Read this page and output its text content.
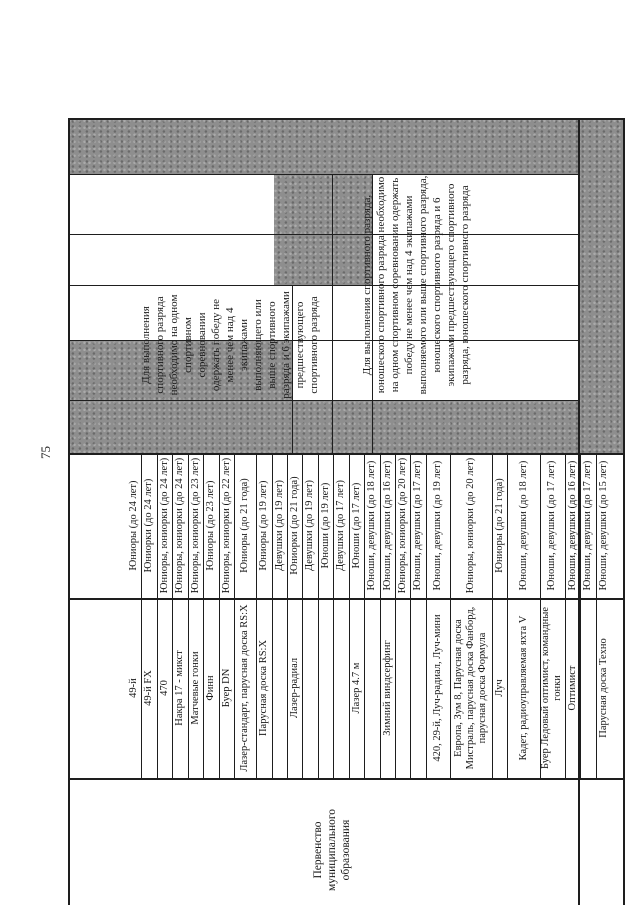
75
Для выполнения спортивного разряда необходимо на одном спортивном соревновании одержать победу не менее чем над 4 экипажами выполняющего или выше спортивного разряда и 6 экипажами предшествующего спортивного разряда	Для выполнения спортивного разряда, юношеского спортивного разряда необходимо на одном спортивном соревновании одержать победу не менее чем над 4 экипажами выполняемого или выше спортивного разряда, юношеского спортивного разряда и 6 экипажами предшествующего спортивного разряда, юношеского спортивного разряда
Первенство муниципального образования
Юниоры (до 24 лет)
49-й
Юниорки (до 24 лет)
49-й FX
Юниоры, юниорки (до 24 лет)
470
Юниоры, юниорки (до 24 лет)
Накра 17 - микст
Юниоры, юниорки (до 23 лет)
Матчевые гонки
Юниоры (до 23 лет)
Финн
Юниоры, юниорки (до 22 лет)
Буер DN
Юниоры (до 21 года)
Лазер-стандарт, парусная доска RS:X
Юниоры (до 19 лет)
Парусная доска RS:X
Девушки (до 19 лет) Юниорки (до 21 года)
Лазер-радиал
Девушки (до 19 лет) Юноши (до 19 лет) Девушки (до 17 лет) Юноши (до 17 лет)
Лазер 4.7 м
Юноши, девушки (до 18 лет) Юноши, девушки (до 16 лет)
Зимний виндсерфинг
Юниоры, юниорки (до 20 лет) Юноши, девушки (до 17 лет) Юноши, девушки (до 19 лет)
420, 29-й, Луч-радиал, Луч-мини
Юниоры, юниорки (до 20 лет)
Европа, Зум 8, Парусная доска Мистраль, парусная доска Фанборд, парусная доска Формула
Юниоры (до 21 года)
Луч
Юноши, девушки (до 18 лет)
Кадет, радиоуправляемая яхта V
Юноши, девушки (до 17 лет)
Буер Ледовый оптимист, командные гонки
Юноши, девушки (до 16 лет)
Оптимист
Юноши, девушки (до 17 лет) Юноши, девушки (до 15 лет)
Парусная доска Техно
